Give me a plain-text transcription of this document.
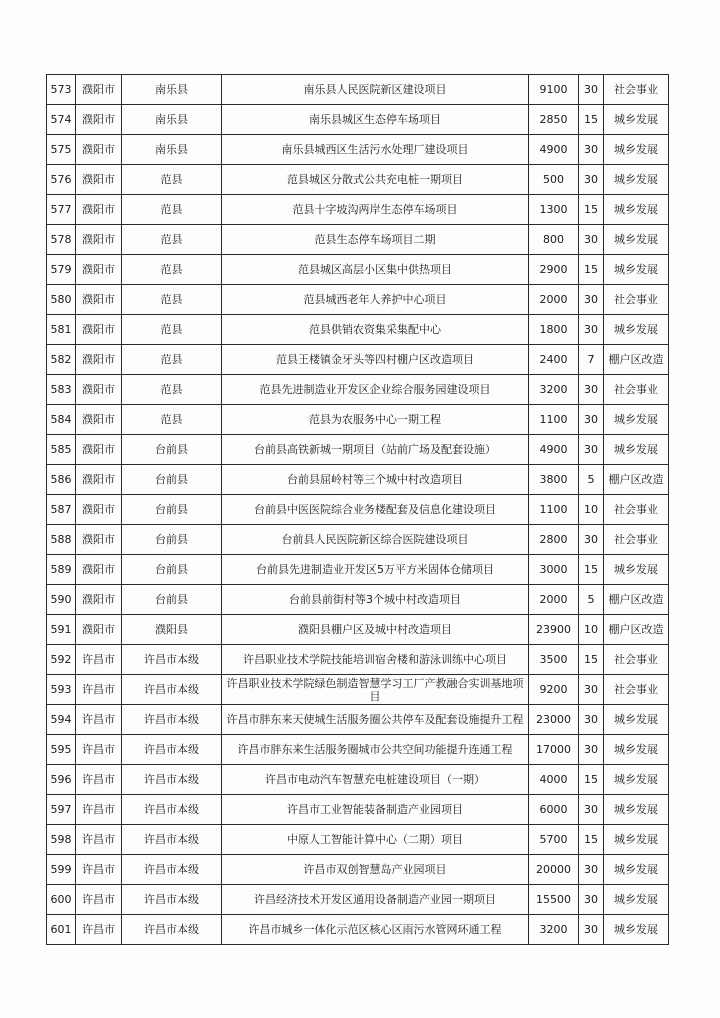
573	濮阳市	南乐县	南乐县人民医院新区建设项目	9100	30	社会事业
574	濮阳市	南乐县	南乐县城区生态停车场项目	2850	15	城乡发展
575	濮阳市	南乐县	南乐县城西区生活污水处理厂建设项目	4900	30	城乡发展
576	濮阳市	范县	范县城区分散式公共充电桩一期项目	500	30	城乡发展
577	濮阳市	范县	范县十字坡沟两岸生态停车场项目	1300	15	城乡发展
578	濮阳市	范县	范县生态停车场项目二期	800	30	城乡发展
579	濮阳市	范县	范县城区高层小区集中供热项目	2900	15	城乡发展
580	濮阳市	范县	范县城西老年人养护中心项目	2000	30	社会事业
581	濮阳市	范县	范县供销农资集采集配中心	1800	30	城乡发展
582	濮阳市	范县	范县王楼镇金牙头等四村棚户区改造项目	2400	7	棚户区改造
583	濮阳市	范县	范县先进制造业开发区企业综合服务园建设项目	3200	30	社会事业
584	濮阳市	范县	范县为农服务中心一期工程	1100	30	城乡发展
585	濮阳市	台前县	台前县高铁新城一期项目（站前广场及配套设施）	4900	30	城乡发展
586	濮阳市	台前县	台前县屈岭村等三个城中村改造项目	3800	5	棚户区改造
587	濮阳市	台前县	台前县中医医院综合业务楼配套及信息化建设项目	1100	10	社会事业
588	濮阳市	台前县	台前县人民医院新区综合医院建设项目	2800	30	社会事业
589	濮阳市	台前县	台前县先进制造业开发区5万平方米固体仓储项目	3000	15	城乡发展
590	濮阳市	台前县	台前县前街村等3个城中村改造项目	2000	5	棚户区改造
591	濮阳市	濮阳县	濮阳县棚户区及城中村改造项目	23900	10	棚户区改造
592	许昌市	许昌市本级	许昌职业技术学院技能培训宿舍楼和游泳训练中心项目	3500	15	社会事业
593	许昌市	许昌市本级	许昌职业技术学院绿色制造智慧学习工厂产教融合实训基地项目	9200	30	社会事业
594	许昌市	许昌市本级	许昌市胖东来天使城生活服务圈公共停车及配套设施提升工程	23000	30	城乡发展
595	许昌市	许昌市本级	许昌市胖东来生活服务圈城市公共空间功能提升连通工程	17000	30	城乡发展
596	许昌市	许昌市本级	许昌市电动汽车智慧充电桩建设项目（一期）	4000	15	城乡发展
597	许昌市	许昌市本级	许昌市工业智能装备制造产业园项目	6000	30	城乡发展
598	许昌市	许昌市本级	中原人工智能计算中心（二期）项目	5700	15	城乡发展
599	许昌市	许昌市本级	许昌市双创智慧岛产业园项目	20000	30	城乡发展
600	许昌市	许昌市本级	许昌经济技术开发区通用设备制造产业园一期项目	15500	30	城乡发展
601	许昌市	许昌市本级	许昌市城乡一体化示范区核心区雨污水管网环通工程	3200	30	城乡发展
